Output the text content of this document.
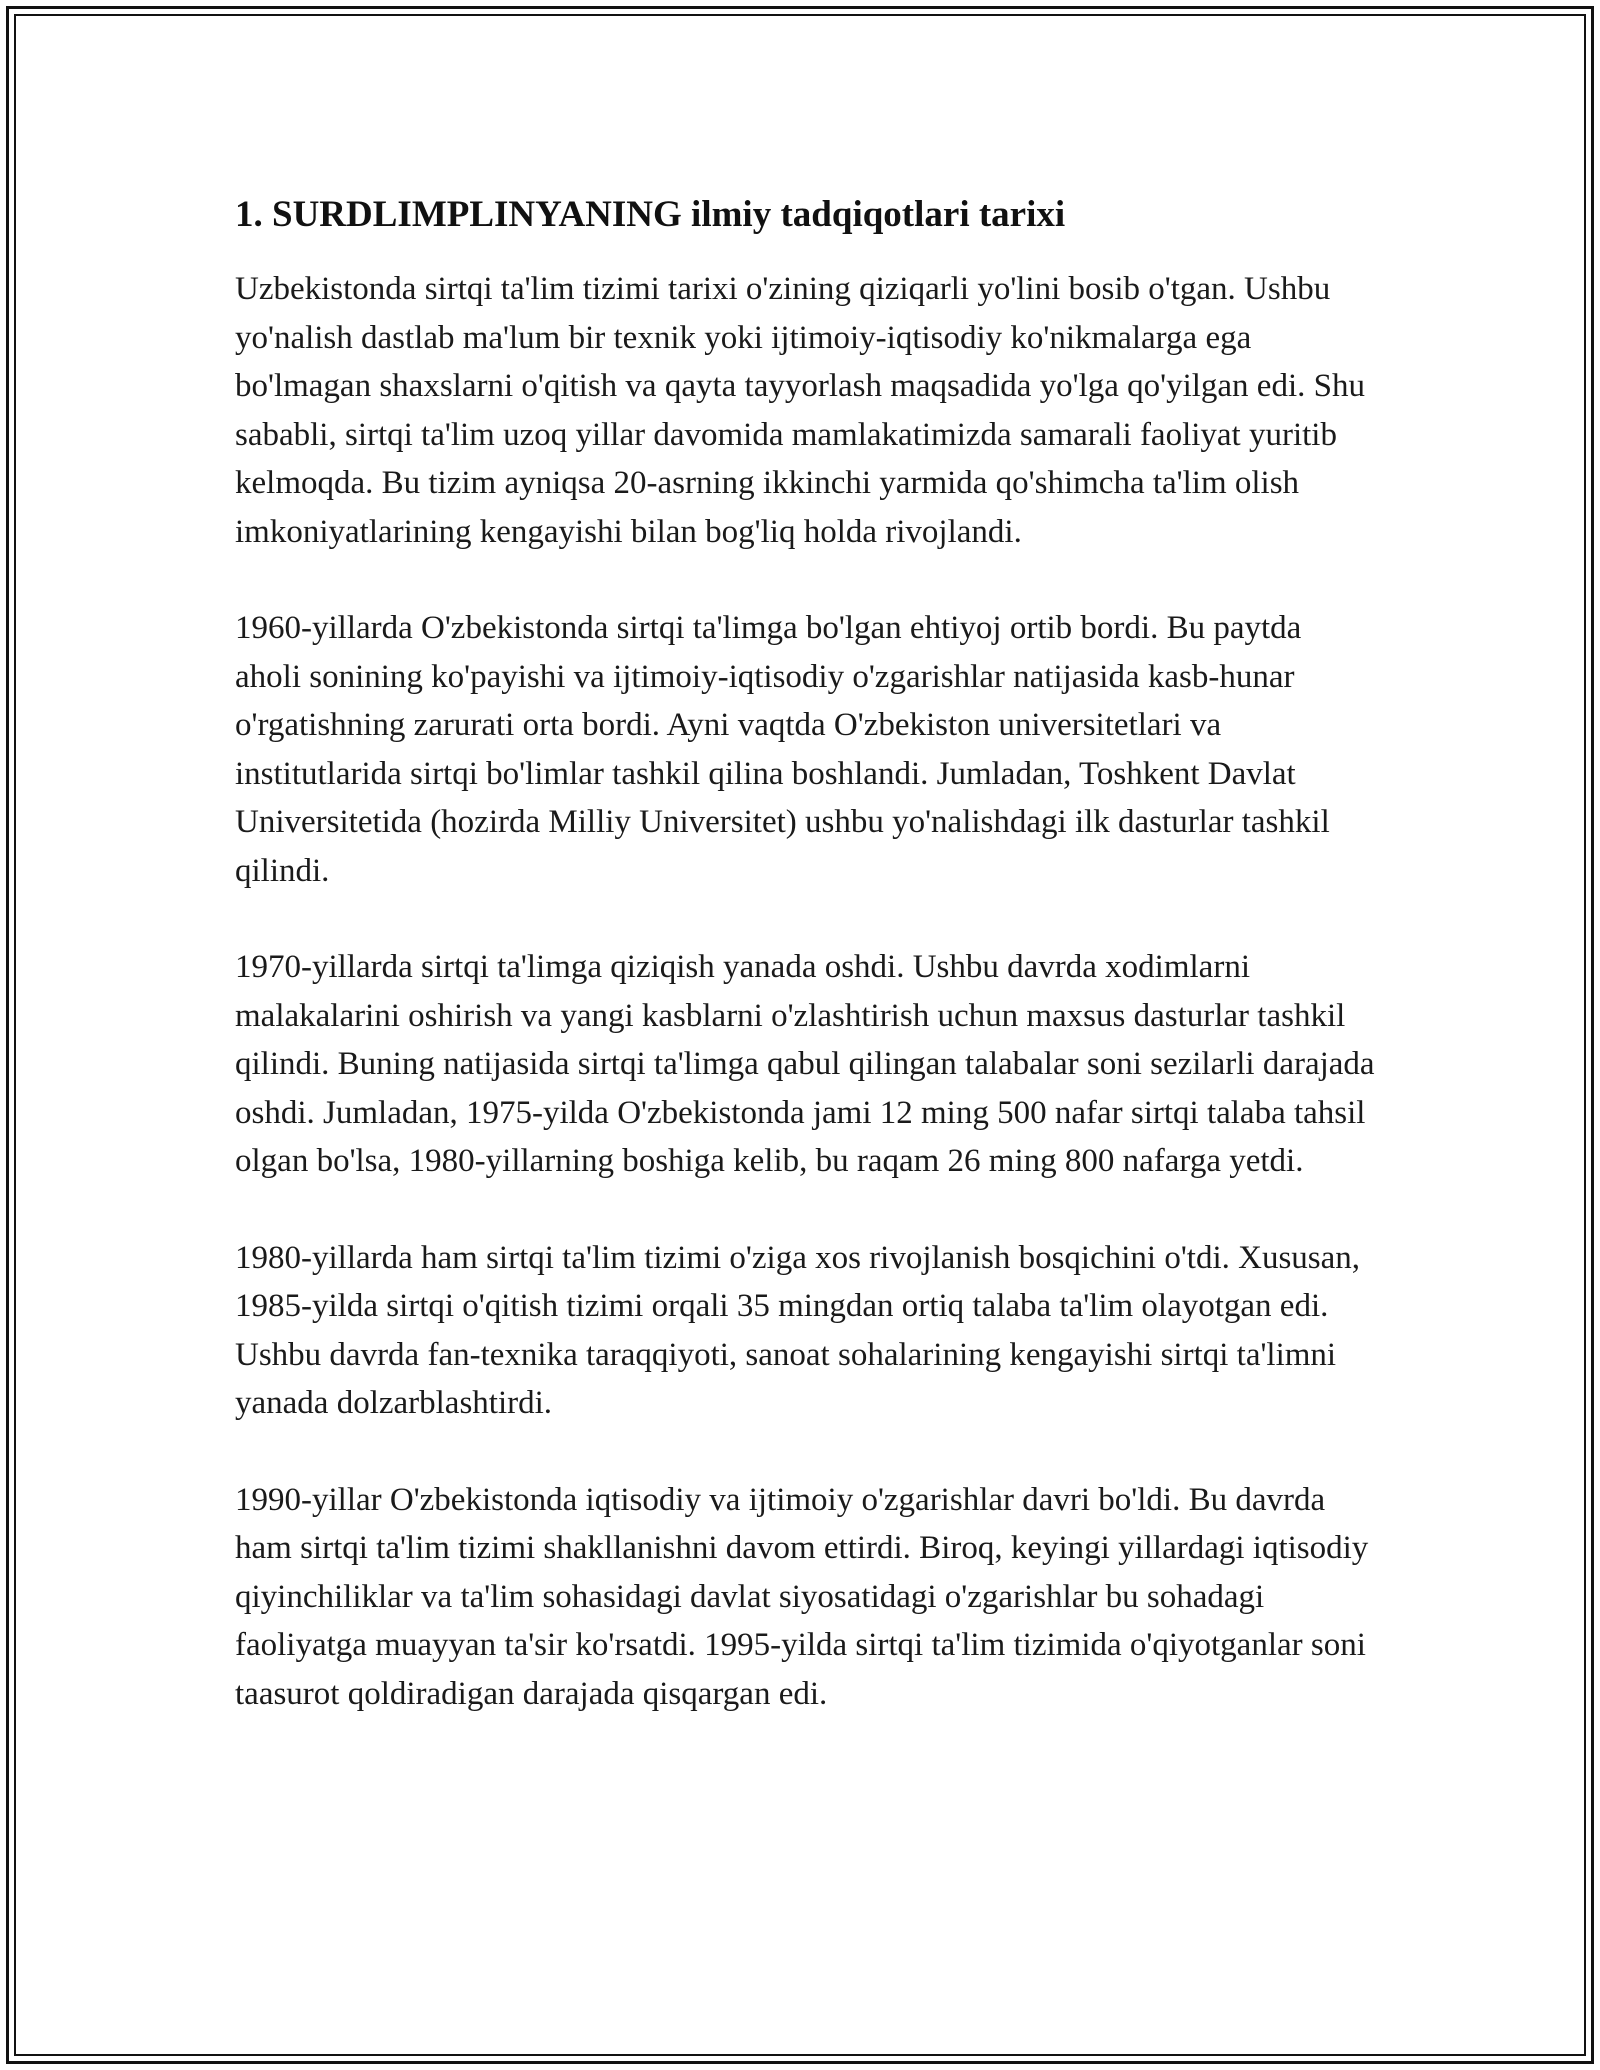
1. SURDLIMPLINYANING ilmiy tadqiqotlari tarixi

Uzbekistonda sirtqi ta'lim tizimi tarixi o'zining qiziqarli yo'lini bosib o'tgan. Ushbu yo'nalish dastlab ma'lum bir texnik yoki ijtimoiy-iqtisodiy ko'nikmalarga ega bo'lmagan shaxslarni o'qitish va qayta tayyorlash maqsadida yo'lga qo'yilgan edi. Shu sababli, sirtqi ta'lim uzoq yillar davomida mamlakatimizda samarali faoliyat yuritib kelmoqda. Bu tizim ayniqsa 20-asrning ikkinchi yarmida qo'shimcha ta'lim olish imkoniyatlarining kengayishi bilan bog'liq holda rivojlandi.

1960-yillarda O'zbekistonda sirtqi ta'limga bo'lgan ehtiyoj ortib bordi. Bu paytda aholi sonining ko'payishi va ijtimoiy-iqtisodiy o'zgarishlar natijasida kasb-hunar o'rgatishning zarurati orta bordi. Ayni vaqtda O'zbekiston universitetlari va institutlarida sirtqi bo'limlar tashkil qilina boshlandi. Jumladan, Toshkent Davlat Universitetida (hozirda Milliy Universitet) ushbu yo'nalishdagi ilk dasturlar tashkil qilindi.

1970-yillarda sirtqi ta'limga qiziqish yanada oshdi. Ushbu davrda xodimlarni malakalarini oshirish va yangi kasblarni o'zlashtirish uchun maxsus dasturlar tashkil qilindi. Buning natijasida sirtqi ta'limga qabul qilingan talabalar soni sezilarli darajada oshdi. Jumladan, 1975-yilda O'zbekistonda jami 12 ming 500 nafar sirtqi talaba tahsil olgan bo'lsa, 1980-yillarning boshiga kelib, bu raqam 26 ming 800 nafarga yetdi.

1980-yillarda ham sirtqi ta'lim tizimi o'ziga xos rivojlanish bosqichini o'tdi. Xususan, 1985-yilda sirtqi o'qitish tizimi orqali 35 mingdan ortiq talaba ta'lim olayotgan edi. Ushbu davrda fan-texnika taraqqiyoti, sanoat sohalarining kengayishi sirtqi ta'limni yanada dolzarblashtirdi.

1990-yillar O'zbekistonda iqtisodiy va ijtimoiy o'zgarishlar davri bo'ldi. Bu davrda ham sirtqi ta'lim tizimi shakllanishni davom ettirdi. Biroq, keyingi yillardagi iqtisodiy qiyinchiliklar va ta'lim sohasidagi davlat siyosatidagi o'zgarishlar bu sohadagi faoliyatga muayyan ta'sir ko'rsatdi. 1995-yilda sirtqi ta'lim tizimida o'qiyotganlar soni taasurot qoldiradigan darajada qisqargan edi.
